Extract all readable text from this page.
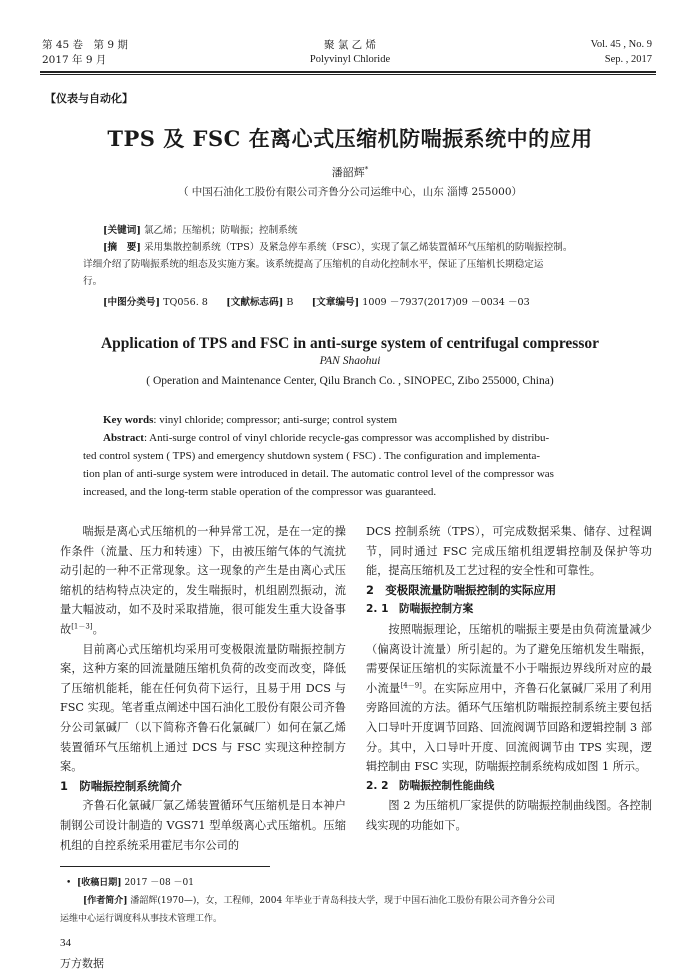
第 45 卷　第 9 期
2017 年 9 月
聚 氯 乙 烯
Polyvinyl Chloride
Vol. 45 , No. 9
Sep. , 2017
【仪表与自动化】
TPS 及 FSC 在离心式压缩机防喘振系统中的应用
潘韶辉*
（ 中国石油化工股份有限公司齐鲁分公司运维中心，山东 淄博 255000）
[关键词] 氯乙烯；压缩机；防喘振；控制系统
[摘　要] 采用集散控制系统（TPS）及紧急停车系统（FSC），实现了氯乙烯装置循环气压缩机的防喘振控制。
详细介绍了防喘振系统的组态及实施方案。该系统提高了压缩机的自动化控制水平，保证了压缩机长期稳定运
行。
[中图分类号] TQ056. 8 [文献标志码] B [文章编号] 1009 －7937(2017)09 －0034 －03
Application of TPS and FSC in anti-surge system of centrifugal compressor
PAN Shaohui
( Operation and Maintenance Center, Qilu Branch Co. , SINOPEC, Zibo 255000, China)
Key words: vinyl chloride; compressor; anti-surge; control system
Abstract: Anti-surge control of vinyl chloride recycle-gas compressor was accomplished by distribu-
ted control system ( TPS) and emergency shutdown system ( FSC) . The configuration and implementa-
tion plan of anti-surge system were introduced in detail. The automatic control level of the compressor was
increased, and the long-term stable operation of the compressor was guaranteed.

喘振是离心式压缩机的一种异常工况，是在一定的操作条件（流量、压力和转速）下，由被压缩气体的气流扰动引起的一种不正常现象。这一现象的产生是由离心式压缩机的结构特点决定的，发生喘振时，机组剧烈振动，流量大幅波动，如不及时采取措施，很可能发生重大设备事故[1－3]。

目前离心式压缩机均采用可变极限流量防喘振控制方案，这种方案的回流量随压缩机负荷的改变而改变，降低了压缩机能耗，能在任何负荷下运行，且易于用 DCS 与 FSC 实现。笔者重点阐述中国石油化工股份有限公司齐鲁分公司氯碱厂（以下简称齐鲁石化氯碱厂）如何在氯乙烯装置循环气压缩机上通过 DCS 与 FSC 实现这种控制方案。

1　防喘振控制系统简介

齐鲁石化氯碱厂氯乙烯装置循环气压缩机是日本神户制钢公司设计制造的 VGS71 型单级离心式压缩机。压缩机组的自控系统采用霍尼韦尔公司的

DCS 控制系统（TPS），可完成数据采集、储存、过程调节，同时通过 FSC 完成压缩机组逻辑控制及保护等功能，提高压缩机及工艺过程的安全性和可靠性。

2　变极限流量防喘振控制的实际应用

2. 1　防喘振控制方案

按照喘振理论，压缩机的喘振主要是由负荷流量减少（偏离设计流量）所引起的。为了避免压缩机发生喘振，需要保证压缩机的实际流量不小于喘振边界线所对应的最小流量[4－9]。在实际应用中，齐鲁石化氯碱厂采用了利用旁路回流的方法。循环气压缩机防喘振控制系统主要包括入口导叶开度调节回路、回流阀调节回路和逻辑控制 3 部分。其中，入口导叶开度、回流阀调节由 TPS 实现，逻辑控制由 FSC 实现，防喘振控制系统构成如图 1 所示。

2. 2　防喘振控制性能曲线

图 2 为压缩机厂家提供的防喘振控制曲线图。各控制线实现的功能如下。

• [收稿日期] 2017 －08 －01
[作者简介] 潘韶辉(1970—)，女，工程师，2004 年毕业于青岛科技大学，现于中国石油化工股份有限公司齐鲁分公司
运维中心运行调度科从事技术管理工作。
34
万方数据
